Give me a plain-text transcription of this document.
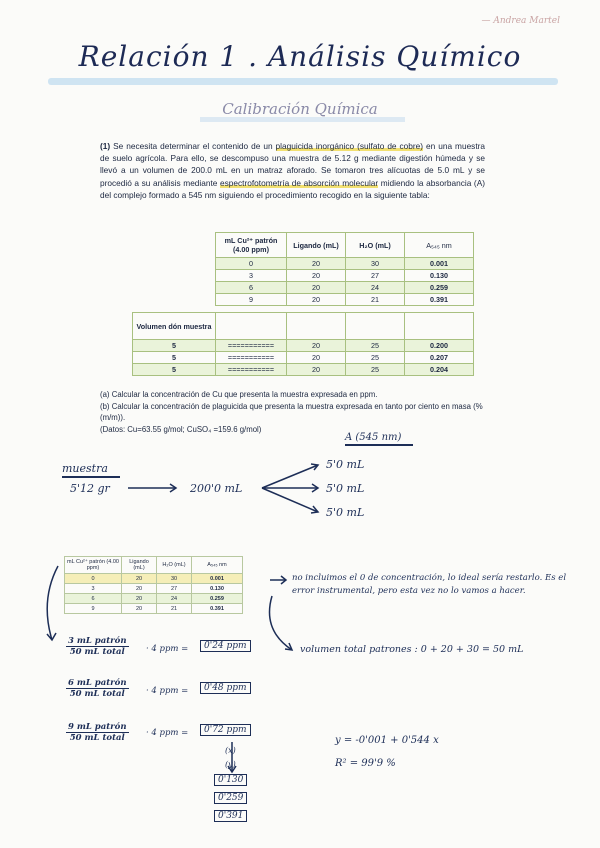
— Andrea Martel
Relación 1 . Análisis Químico
Calibración Química
(1) Se necesita determinar el contenido de un plaguicida inorgánico (sulfato de cobre) en una muestra de suelo agrícola. Para ello, se descompuso una muestra de 5.12 g mediante digestión húmeda y se llevó a un volumen de 200.0 mL en un matraz aforado. Se tomaron tres alícuotas de 5.0 mL y se procedió a su análisis mediante espectrofotometría de absorción molecular midiendo la absorbancia (A) del complejo formado a 545 nm siguiendo el procedimiento recogido en la siguiente tabla:
mL Cu²⁺ patrón (4.00 ppm)	Ligando (mL)	H₂O (mL)	A₅₄₅ nm
0	20	30	0.001
3	20	27	0.130
6	20	24	0.259
9	20	21	0.391
Volumen dón muestra				
5	===========	20	25	0.200
5	===========	20	25	0.207
5	===========	20	25	0.204
(a) Calcular la concentración de Cu que presenta la muestra expresada en ppm.
(b) Calcular la concentración de plaguicida que presenta la muestra expresada en tanto por ciento en masa (%(m/m)).
(Datos: Cu=63.55 g/mol; CuSO₄ =159.6 g/mol)
A (545 nm)
muestra
5'12 gr	200'0 mL
5'0 mL
5'0 mL
5'0 mL
mL Cu²⁺ patrón (4.00 ppm)	Ligando (mL)	H₂O (mL)	A₅₄₅ nm
0	20	30	0.001
3	20	27	0.130
6	20	24	0.259
9	20	21	0.391
no incluimos el 0 de concentración, lo ideal sería restarlo. Es el error instrumental, pero esta vez no lo vamos a hacer.
volumen total patrones : 0 + 20 + 30 = 50 mL
3 mL patrón
50 mL total	· 4 ppm =	0'24 ppm
6 mL patrón
50 mL total	· 4 ppm =	0'48 ppm
9 mL patrón
50 mL total	· 4 ppm =	0'72 ppm
(x)
(y)
0'130
0'259
0'391
y = -0'001 + 0'544 x
R² = 99'9 %
